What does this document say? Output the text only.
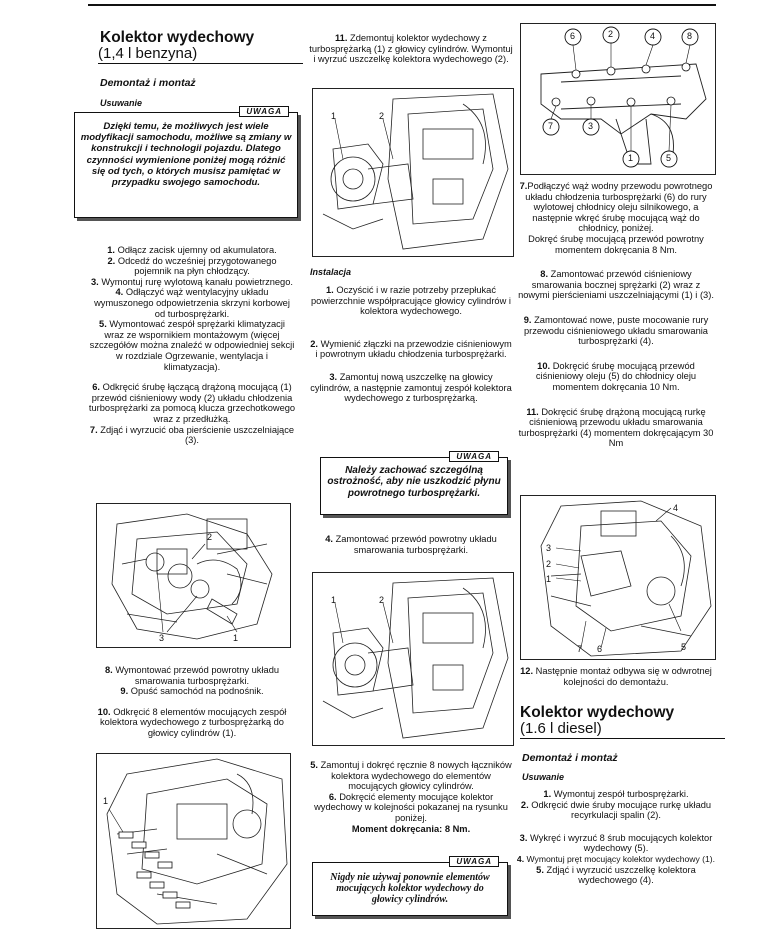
Kolektor wydechowy
(1,4 l benzyna)
Demontaż i montaż
Usuwanie
UWAGA
Dzięki temu, że możliwych jest wiele modyfikacji samochodu, możliwe są zmiany w konstrukcji i technologii pojazdu. Dlatego czynności wymienione poniżej mogą różnić się od tych, o których musisz pamiętać w przypadku swojego samochodu.
1. Odłącz zacisk ujemny od akumulatora.
2. Odcedź do wcześniej przygotowanego pojemnik na płyn chłodzący.
3. Wymontuj rurę wylotową kanału powietrznego.
4. Odłączyć wąż wentylacyjny układu wymuszonego odpowietrzenia skrzyni korbowej od turbosprężarki.
5. Wymontować zespół sprężarki klimatyzacji wraz ze wspornikiem montażowym (więcej szczegółów można znaleźć w odpowiedniej sekcji w rozdziale Ogrzewanie, wentylacja i klimatyzacja).
6. Odkręcić śrubę łączącą drążoną mocującą (1) przewód ciśnieniowy wody (2) układu chłodzenia turbosprężarki za pomocą klucza grzechotkowego wraz z przedłużką.
7. Zdjąć i wyrzucić oba pierścienie uszczelniające (3).
2
3	1
8. Wymontować przewód powrotny układu smarowania turbosprężarki.
9. Opuść samochód na podnośnik.
10. Odkręcić 8 elementów mocujących zespół kolektora wydechowego z turbosprężarką do głowicy cylindrów (1).
1
11. Zdemontuj kolektor wydechowy z turbosprężarką (1) z głowicy cylindrów. Wymontuj i wyrzuć uszczelkę kolektora wydechowego (2).
1	2
Instalacja
1. Oczyścić i w razie potrzeby przepłukać powierzchnie współpracujące głowicy cylindrów i kolektora wydechowego.
2. Wymienić złączki na przewodzie ciśnieniowym i powrotnym układu chłodzenia turbosprężarki.
3. Zamontuj nową uszczelkę na głowicy cylindrów, a następnie zamontuj zespół kolektora wydechowego z turbosprężarką.
UWAGA
Należy zachować szczególną ostrożność, aby nie uszkodzić płynu powrotnego turbosprężarki.
4. Zamontować przewód powrotny układu smarowania turbosprężarki.
1	2
5. Zamontuj i dokręć ręcznie 8 nowych łączników kolektora wydechowego do elementów mocujących głowicy cylindrów.
6. Dokręcić elementy mocujące kolektor wydechowy w kolejności pokazanej na rysunku poniżej.
Moment dokręcania: 8 Nm.
UWAGA
Nigdy nie używaj ponownie elementów mocujących kolektor wydechowy do głowicy cylindrów.
6	2	4	8
7	3
1	5
7.Podłączyć wąż wodny przewodu powrotnego układu chłodzenia turbosprężarki (6) do rury wylotowej chłodnicy oleju silnikowego, a następnie wkręć śrubę mocującą wąż do chłodnicy, poniżej.
Dokręć śrubę mocującą przewód powrotny momentem dokręcania 8 Nm.
8. Zamontować przewód ciśnieniowy smarowania bocznej sprężarki (2) wraz z nowymi pierścieniami uszczelniającymi (1) i (3).
9. Zamontować nowe, puste mocowanie rury przewodu ciśnieniowego układu smarowania turbosprężarki (4).
10. Dokręcić śrubę mocującą przewód ciśnieniowy oleju (5) do chłodnicy oleju momentem dokręcania 10 Nm.
11. Dokręcić śrubę drążoną mocującą rurkę ciśnieniową przewodu układu smarowania turbosprężarki (4) momentem dokręcającym 30 Nm
4
3
2
1
5
7 6
12. Następnie montaż odbywa się w odwrotnej kolejności do demontażu.
Kolektor wydechowy
(1.6 l diesel)
Demontaż i montaż
Usuwanie
1. Wymontuj zespół turbosprężarki.
2. Odkręcić dwie śruby mocujące rurkę układu recyrkulacji spalin (2).
3. Wykręć i wyrzuć 8 śrub mocujących kolektor wydechowy (5).
4. Wymontuj pręt mocujący kolektor wydechowy (1).
5. Zdjąć i wyrzucić uszczelkę kolektora wydechowego (4).
